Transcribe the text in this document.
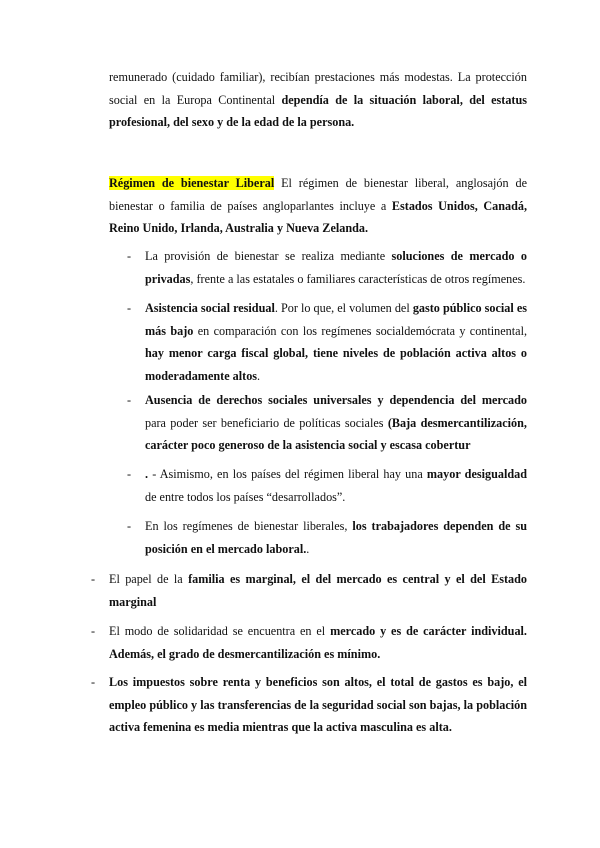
remunerado (cuidado familiar), recibían prestaciones más modestas. La protección social en la Europa Continental dependía de la situación laboral, del estatus profesional, del sexo y de la edad de la persona.
Régimen de bienestar Liberal El régimen de bienestar liberal, anglosajón de bienestar o familia de países angloparlantes incluye a Estados Unidos, Canadá, Reino Unido, Irlanda, Australia y Nueva Zelanda.
-	La provisión de bienestar se realiza mediante soluciones de mercado o privadas, frente a las estatales o familiares características de otros regímenes.
-	Asistencia social residual. Por lo que, el volumen del gasto público social es más bajo en comparación con los regímenes socialdemócrata y continental, hay menor carga fiscal global, tiene niveles de población activa altos o moderadamente altos.
-	Ausencia de derechos sociales universales y dependencia del mercado para poder ser beneficiario de políticas sociales (Baja desmercantilización, carácter poco generoso de la asistencia social y escasa cobertur
-	. - Asimismo, en los países del régimen liberal hay una mayor desigualdad de entre todos los países “desarrollados”.
-	En los regímenes de bienestar liberales, los trabajadores dependen de su posición en el mercado laboral..
-	El papel de la familia es marginal, el del mercado es central y el del Estado marginal
-	El modo de solidaridad se encuentra en el mercado y es de carácter individual. Además, el grado de desmercantilización es mínimo.
-	Los impuestos sobre renta y beneficios son altos, el total de gastos es bajo, el empleo público y las transferencias de la seguridad social son bajas, la población activa femenina es media mientras que la activa masculina es alta.
